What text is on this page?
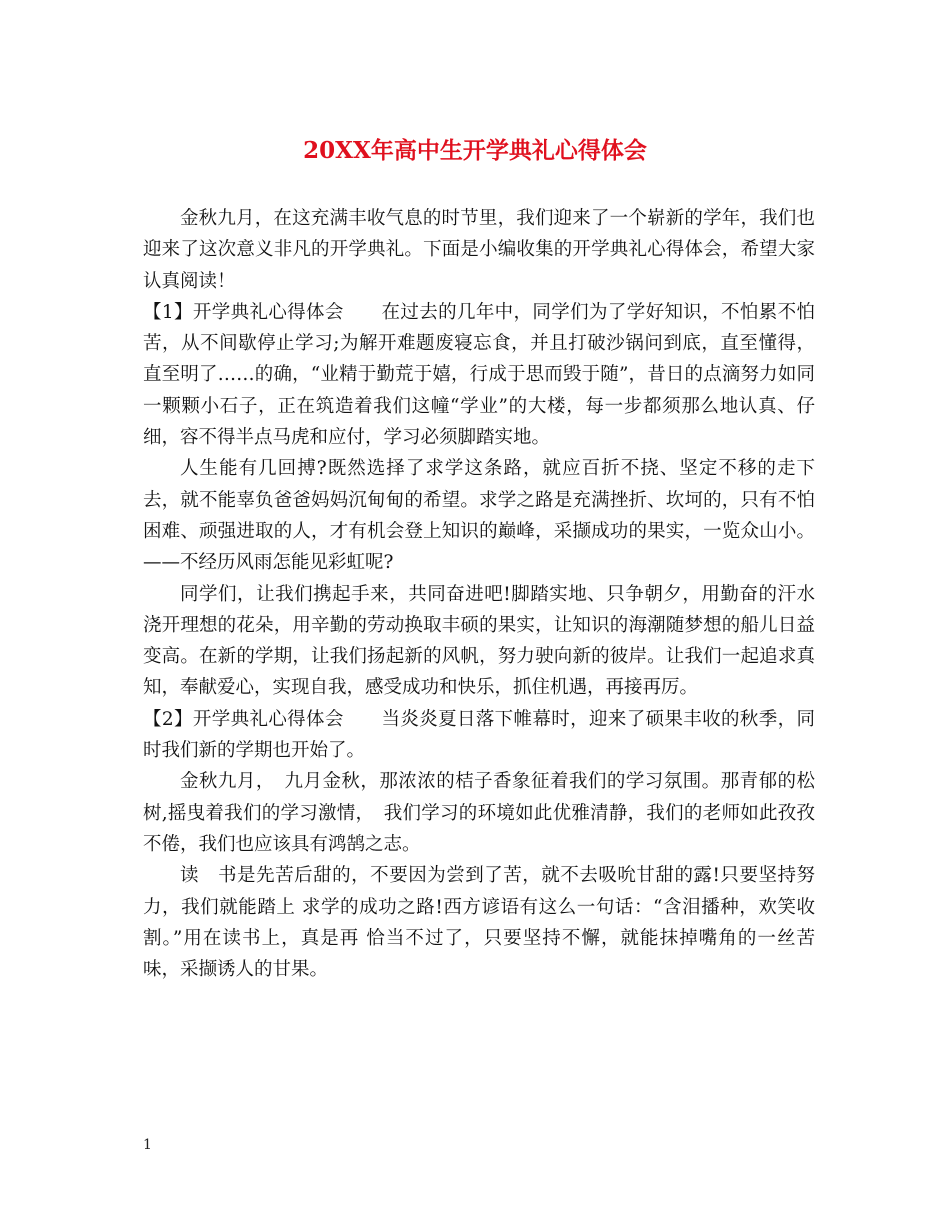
20XX年高中生开学典礼心得体会

金秋九月，在这充满丰收气息的时节里，我们迎来了一个崭新的学年，我们也迎来了这次意义非凡的开学典礼。下面是小编收集的开学典礼心得体会，希望大家认真阅读！

【1】开学典礼心得体会　　在过去的几年中，同学们为了学好知识，不怕累不怕苦，从不间歇停止学习;为解开难题废寝忘食，并且打破沙锅问到底，直至懂得，直至明了……的确，“业精于勤荒于嬉，行成于思而毁于随”，昔日的点滴努力如同一颗颗小石子，正在筑造着我们这幢“学业”的大楼，每一步都须那么地认真、仔细，容不得半点马虎和应付，学习必须脚踏实地。

人生能有几回搏?既然选择了求学这条路，就应百折不挠、坚定不移的走下去，就不能辜负爸爸妈妈沉甸甸的希望。求学之路是充满挫折、坎坷的，只有不怕困难、顽强进取的人，才有机会登上知识的巅峰，采撷成功的果实，一览众山小。——不经历风雨怎能见彩虹呢?

同学们，让我们携起手来，共同奋进吧!脚踏实地、只争朝夕，用勤奋的汗水浇开理想的花朵，用辛勤的劳动换取丰硕的果实，让知识的海潮随梦想的船儿日益变高。在新的学期，让我们扬起新的风帆，努力驶向新的彼岸。让我们一起追求真知，奉献爱心，实现自我，感受成功和快乐，抓住机遇，再接再厉。

【2】开学典礼心得体会　　当炎炎夏日落下帷幕时，迎来了硕果丰收的秋季，同时我们新的学期也开始了。

金秋九月，　九月金秋，那浓浓的桔子香象征着我们的学习氛围。那青郁的松树,摇曳着我们的学习激情，　我们学习的环境如此优雅清静，我们的老师如此孜孜不倦，我们也应该具有鸿鹄之志。

读　书是先苦后甜的，不要因为尝到了苦，就不去吸吮甘甜的露!只要坚持努力，我们就能踏上 求学的成功之路!西方谚语有这么一句话：“含泪播种，欢笑收割。”用在读书上，真是再 恰当不过了，只要坚持不懈，就能抹掉嘴角的一丝苦味，采撷诱人的甘果。

1
